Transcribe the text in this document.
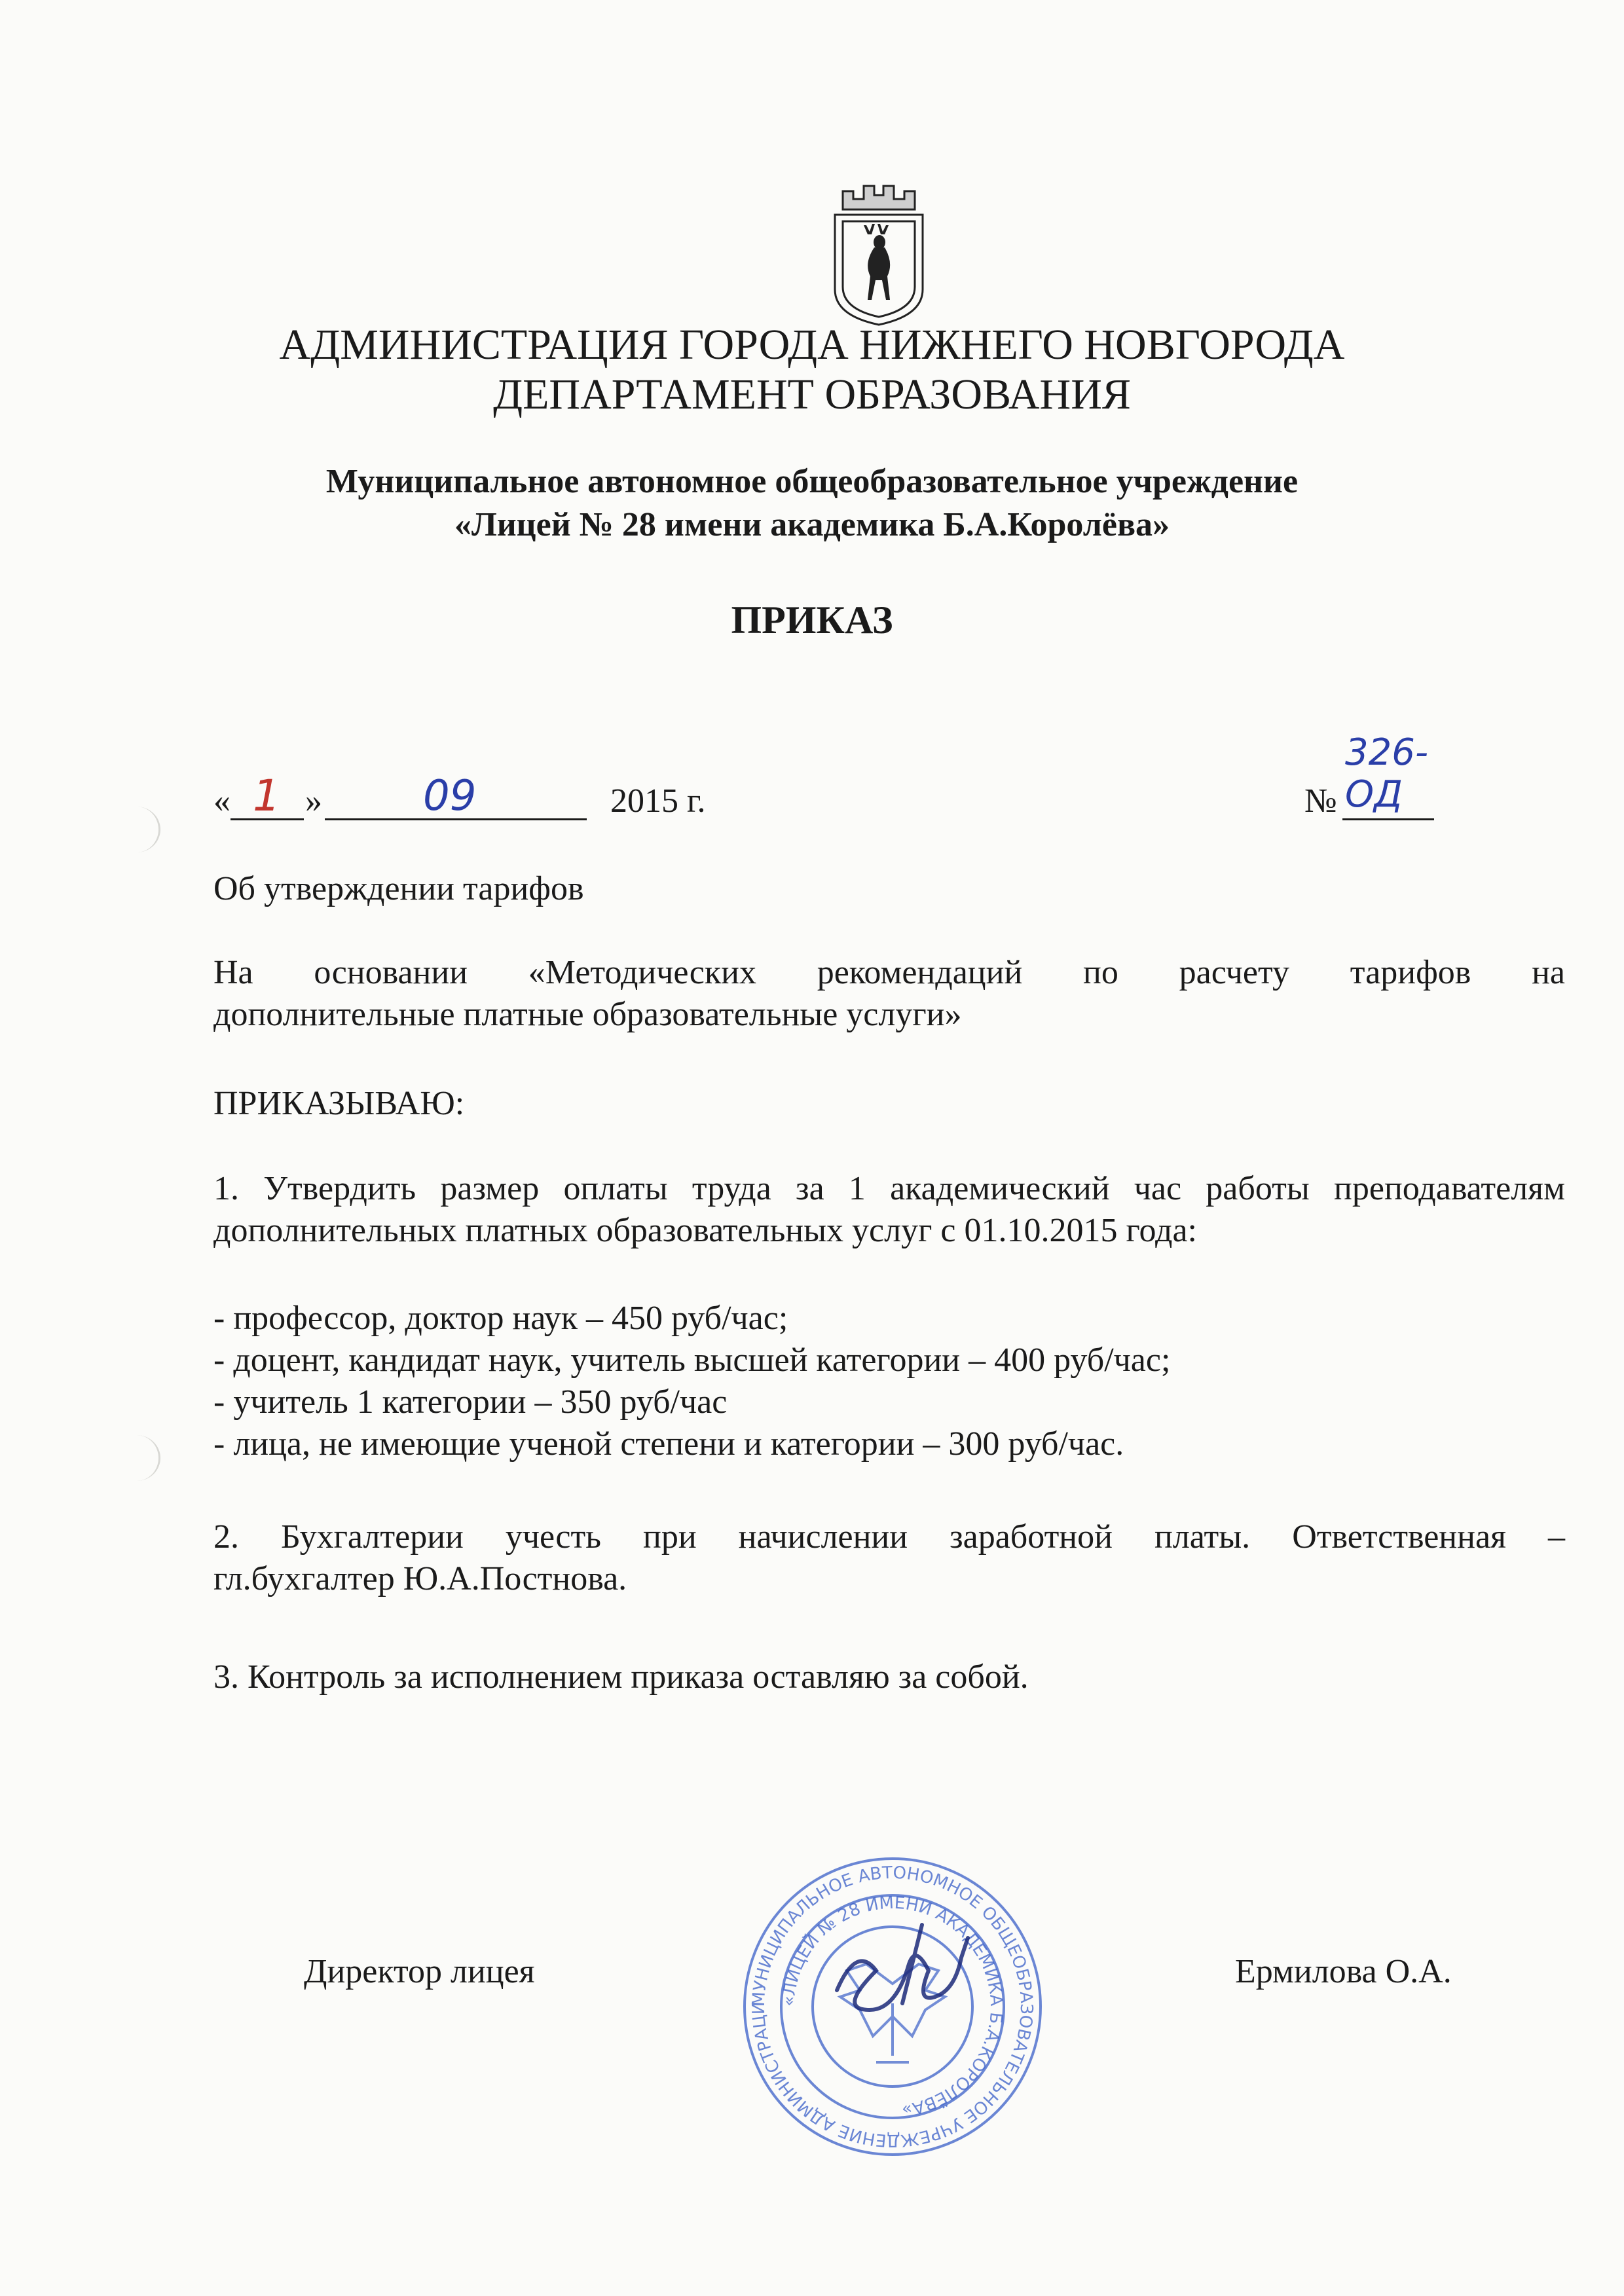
АДМИНИСТРАЦИЯ ГОРОДА НИЖНЕГО НОВГОРОДА
ДЕПАРТАМЕНТ ОБРАЗОВАНИЯ
Муниципальное автономное общеобразовательное учреждение
«Лицей № 28 имени академика Б.А.Королёва»
ПРИКАЗ
« 1 » 09	2015 г.	№
326-ОД
Об утверждении тарифов
На основании «Методических рекомендаций по расчету тарифов на
дополнительные платные образовательные услуги»
ПРИКАЗЫВАЮ:
1. Утвердить размер оплаты труда за 1 академический час работы преподавателям
дополнительных платных образовательных услуг с 01.10.2015 года:
- профессор, доктор наук – 450 руб/час;
- доцент, кандидат наук, учитель высшей категории – 400 руб/час;
- учитель 1 категории – 350 руб/час
- лица, не имеющие ученой степени и категории – 300 руб/час.
2. Бухгалтерии учесть при начислении заработной платы. Ответственная –
гл.бухгалтер Ю.А.Постнова.
3. Контроль за исполнением приказа оставляю за собой.
МУНИЦИПАЛЬНОЕ АВТОНОМНОЕ ОБЩЕОБРАЗОВАТЕЛЬНОЕ УЧРЕЖДЕНИЕ АДМИНИСТРАЦИ
«ЛИЦЕЙ № 28 ИМЕНИ АКАДЕМИКА Б.А.КОРОЛЁВА»
Директор лицея	Ермилова О.А.
